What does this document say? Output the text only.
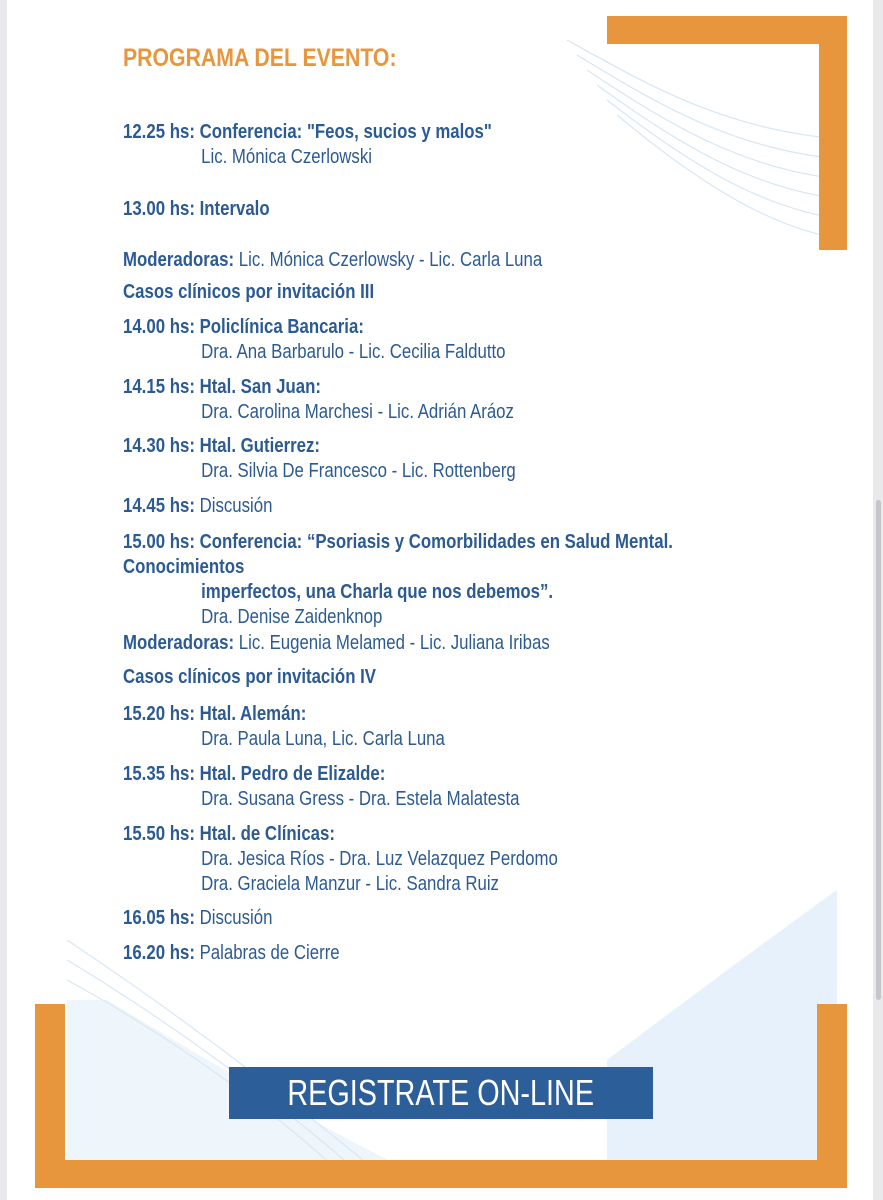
PROGRAMA DEL EVENTO:
12.25 hs: Conferencia: "Feos, sucios y malos"
Lic. Mónica Czerlowski
13.00 hs: Intervalo
Moderadoras: Lic. Mónica Czerlowsky - Lic. Carla Luna
Casos clínicos por invitación III
14.00 hs: Policlínica Bancaria:
Dra. Ana Barbarulo - Lic. Cecilia Faldutto
14.15 hs: Htal. San Juan:
Dra. Carolina Marchesi - Lic. Adrián Aráoz
14.30 hs: Htal. Gutierrez:
Dra. Silvia De Francesco - Lic. Rottenberg
14.45 hs: Discusión
15.00 hs: Conferencia: “Psoriasis y Comorbilidades en Salud Mental. Conocimientos
imperfectos, una Charla que nos debemos”.
Dra. Denise Zaidenknop
Moderadoras: Lic. Eugenia Melamed - Lic. Juliana Iribas
Casos clínicos por invitación IV
15.20 hs: Htal. Alemán:
Dra. Paula Luna, Lic. Carla Luna
15.35 hs: Htal. Pedro de Elizalde:
Dra. Susana Gress - Dra. Estela Malatesta
15.50 hs: Htal. de Clínicas:
Dra. Jesica Ríos - Dra. Luz Velazquez Perdomo
Dra. Graciela Manzur - Lic. Sandra Ruiz
16.05 hs: Discusión
16.20 hs: Palabras de Cierre
REGISTRATE ON-LINE
